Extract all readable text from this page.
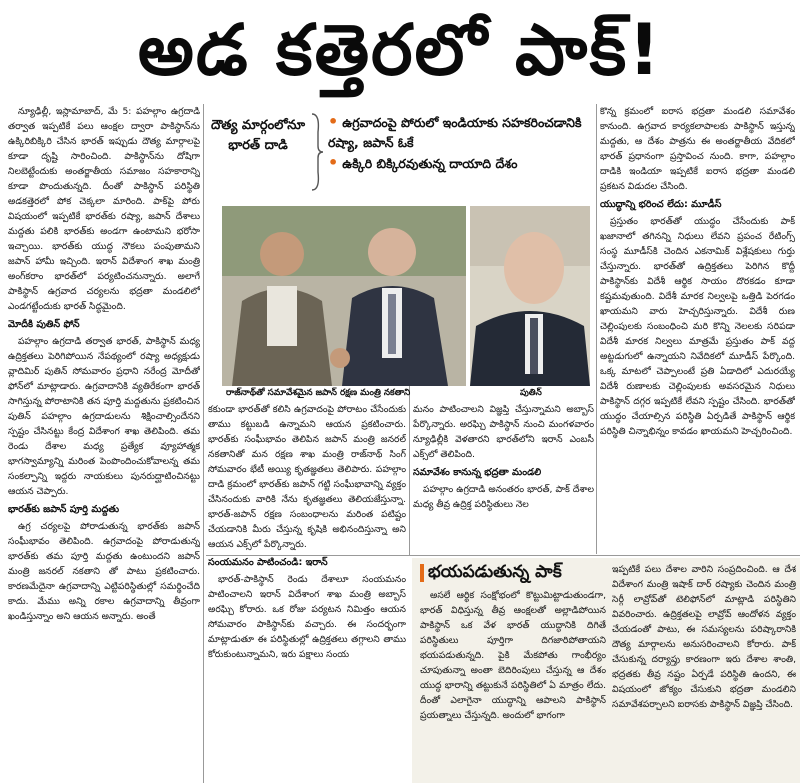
అడ కత్తెరలో పాక్‌!

న్యూఢిల్లీ, ఇస్లామాబాద్, మే 5: పహల్గాం ఉగ్రదాడి తర్వాత ఇప్పటికే పలు ఆంక్షల ద్వారా పాకిస్థాన్‌ను ఉక్కిరిబిక్కిరి చేసిన భారత్ ఇప్పుడు దౌత్య మార్గాలపై కూడా దృష్టి సారించింది. పాకిస్థాన్‌ను దోషిగా నిలబెట్టేందుకు అంతర్జాతీయ సమాజం సహకారాన్ని కూడా పొందుతున్నది. దీంతో పాకిస్థాన్ పరిస్థితి అడకత్తెరలో పోక చెక్కలా మారింది. పాక్‌పై పోరు విషయంలో ఇప్పటికే భారత్‌కు రష్యా, జపాన్ దేశాలు మద్దతు పలికి భారత్‌కు అండగా ఉంటామని భరోసా ఇచ్చాయి. భారత్‌కు యుద్ధ నౌకలు పంపుతామని జపాన్ హామీ ఇచ్చింది. ఇరాన్ విదేశాంగ శాఖ మంత్రి అంగ్‌కరాం భారత్‌లో పర్యటించనున్నారు. అలాగే పాకిస్థాన్ ఉగ్రవాద చర్యలను భద్రతా మండలిలో ఎండగట్టేందుకు భారత్ సిద్ధమైంది.

మోదీకి పుతిన్ ఫోన్

పహల్గాం ఉగ్రదాడి తర్వాత భారత్, పాకిస్థాన్ మధ్య ఉద్రిక్తతలు పెరిగిపోయిన నేపథ్యంలో రష్యా అధ్యక్షుడు వ్లాదిమిర్ పుతిన్ సోమవారం ప్రధాని నరేంద్ర మోదీతో ఫోన్‌లో మాట్లాడారు. ఉగ్రవాదానికి వ్యతిరేకంగా భారత్ సాగిస్తున్న పోరాటానికి తన పూర్తి మద్దతును ప్రకటించిన పుతిన్ పహల్గాం ఉగ్రదాడులను శిక్షించాల్సిందేనని స్పష్టం చేసినట్టు కేంద్ర విదేశాంగ శాఖ తెలిపింది. తమ రెండు దేశాల మధ్య ప్రత్యేక వ్యూహాత్మక భాగస్వామ్యాన్ని మరింత పెంపొందించుకోవాలన్న తమ సంకల్పాన్ని ఇద్దరు నాయకులు పునరుద్ఘాటించినట్టు ఆయన చెప్పారు.

భారత్‌కు జపాన్ పూర్తి మద్దతు

ఉగ్ర చర్యలపై పోరాడుతున్న భారత్‌కు జపాన్ సంఘీభావం తెలిపింది. ఉగ్రవాదంపై పోరాడుతున్న భారత్‌కు తమ పూర్తి మద్దతు ఉంటుందని జపాన్ మంత్రి జనరల్ నకతాని తో పాటు ప్రకటించారు. కారణమేదైనా ఉగ్రవాదాన్ని ఎట్టిపరిస్థితుల్లో సమర్థించేది కాదు. మేము అన్ని రకాల ఉగ్రవాదాన్ని తీవ్రంగా ఖండిస్తున్నాం అని ఆయన అన్నారు. అంతే

దౌత్య మార్గంలోనూ భారత్ దాడి
• ఉగ్రవాదంపై పోరులో ఇండియాకు సహకరించడానికి రష్యా, జపాన్ ఓకే
• ఉక్కిరి బిక్కిరవుతున్న దాయాది దేశం
రాజ్‌నాథ్‌తో సమావేశమైన జపాన్ రక్షణ మంత్రి నకతాని	పుతిన్

కకుండా భారత్‌తో కలిసి ఉగ్రవాదంపై పోరాటం చేసేందుకు తాము కట్టుబడి ఉన్నామని ఆయన ప్రకటించారు. భారత్‌కు సంఘీభావం తెలిపిన జపాన్ మంత్రి జనరల్ నకతానితో మన రక్షణ శాఖ మంత్రి రాజ్‌నాథ్ సింగ్ సోమవారం భేటీ అయ్యి కృతజ్ఞతలు తెలిపారు. పహల్గాం దాడి క్రమంలో భారత్‌కు జపాన్ గట్టి సంఘీభావాన్ని వ్యక్తం చేసినందుకు వారికి నేను కృతజ్ఞతలు తెలియజేస్తున్నా. భారత్-జపాన్ రక్షణ సంబంధాలను మరింత పటిష్టం చేయడానికి మీరు చేస్తున్న కృషికి అభినందిస్తున్నా అని ఆయన ఎక్స్‌లో పేర్కొన్నారు.

సంయమనం పాటించండి: ఇరాన్

భారత్-పాకిస్థాన్ రెండు దేశాలూ సంయమనం పాటించాలని ఇరాన్ విదేశాంగ శాఖ మంత్రి అబ్బాస్ అరఘ్చి కోరారు. ఒక రోజు పర్యటన నిమిత్తం ఆయన సోమవారం పాకిస్థాన్‌కు వచ్చారు. ఈ సందర్భంగా మాట్లాడుతూ ఈ పరిస్థితుల్లో ఉద్రిక్తతలు తగ్గాలని తాము కోరుకుంటున్నామని, ఇరు పక్షాలు సంయ

మనం పాటించాలని విజ్ఞప్తి చేస్తున్నామని అబ్బాస్ పేర్కొన్నారు. అరఘ్చి పాకిస్థాన్ నుంచి మంగళవారం న్యూఢిల్లీకి వెళతారని భారత్‌లోని ఇరాన్ ఎంబసీ ఎక్స్‌లో తెలిపింది.

సమావేశం కానున్న భద్రతా మండలి

పహల్గాం ఉగ్రదాడి అనంతరం భారత్, పాక్ దేశాల మధ్య తీవ్ర ఉద్రిక్త పరిస్థితులు నెల

కొన్న క్రమంలో ఐరాస భద్రతా మండలి సమావేశం కానుంది. ఉగ్రవాద కార్యకలాపాలకు పాకిస్థాన్ ఇస్తున్న మద్దతు, ఆ దేశం పాత్రను ఈ అంతర్జాతీయ వేదికలో భారత్ ప్రధానంగా ప్రస్తావించ నుంది. కాగా, పహల్గాం దాడికి ఇండియా ఇప్పటికే ఐరాస భద్రతా మండలి ప్రకటన విడుదల చేసింది.

యుద్ధాన్ని భరించ లేదు: మూడీస్

ప్రస్తుతం భారత్‌తో యుద్ధం చేసేందుకు పాక్ ఖజానాలో తగినన్ని నిధులు లేవని ప్రపంచ రేటింగ్స్ సంస్థ మూడీస్‌కి చెందిన ఎకనామిక్ విశ్లేషకులు గుర్తు చేస్తున్నారు. భారత్‌తో ఉద్రిక్తతలు పెరిగిన కొద్దీ పాకిస్థాన్‌కు విదేశీ ఆర్థిక సాయం దొరకడం కూడా కష్టమవుతుంది. విదేశీ మారక నిల్వలపై ఒత్తిడి పెరగడం ఖాయమని వారు హెచ్చరిస్తున్నారు. విదేశీ రుణ చెల్లింపులకు సంబంధించి మరి కొన్ని నెలలకు సరిపడా విదేశీ మారక నిల్వలు మాత్రమే ప్రస్తుతం పాక్ వద్ద అట్టడుగులో ఉన్నాయని నివేదికలో మూడీస్ పేర్కొంది. ఒక్క మాటలో చెప్పాలంటే ప్రతి ఏడాదిలో ఎదురయ్యే విదేశీ రుణాలకు చెల్లింపులకు అవసరమైన నిధులు పాకిస్థాన్ దగ్గర ఇప్పటికే లేవని స్పష్టం చేసింది. భారత్‌తో యుద్ధం చేయాల్సిన పరిస్థితి ఏర్పడితే పాకిస్థాన్ ఆర్థిక పరిస్థితి చిన్నాభిన్నం కావడం ఖాయమని హెచ్చరించింది.

భయపడుతున్న పాక్‌

అసలే ఆర్థిక సంక్షోభంలో కొట్టుమిట్టాడుతుండగా, భారత్ విధిస్తున్న తీవ్ర ఆంక్షలతో అల్లాడిపోయిన పాకిస్థాన్ ఒక వేళ భారత్ యుద్ధానికి దిగితే పరిస్థితులు పూర్తిగా దిగజారిపోతాయని భయపడుతున్నది. పైకి మేకపోతు గాంభీర్యం చూపుతున్నా అంతా బెదిరింపులు చేస్తున్న ఆ దేశం యుద్ధ భారాన్ని తట్టుకునే పరిస్థితిలో ఏ మాత్రం లేదు. దీంతో ఎలాగైనా యుద్ధాన్ని ఆపాలని పాకిస్థాన్ ప్రయత్నాలు చేస్తున్నది. అందులో భాగంగా

ఇప్పటికే పలు దేశాల వారిని సంప్రదించింది. ఆ దేశ విదేశాంగ మంత్రి ఇషాక్ దార్ రష్యాకు చెందిన మంత్రి సెర్గీ లావ్రోవ్‌తో టెలిఫోన్‌లో మాట్లాడి పరిస్థితిని వివరించారు. ఉద్రిక్తతలపై లావ్రోవ్ ఆందోళన వ్యక్తం చేయడంతో పాటు, ఈ సమస్యలను పరిష్కారానికి దౌత్య మార్గాలను అనుసరించాలని కోరారు. పాక్ చేసుకున్న దర్యాప్తు కారణంగా ఇరు దేశాల శాంతి, భద్రతకు తీవ్ర నష్టం ఏర్పడే పరిస్థితి ఉందని, ఈ విషయంలో జోక్యం చేసుకుని భద్రతా మండలిని సమావేశపర్చాలని ఐరాసకు పాకిస్థాన్ విజ్ఞప్తి చేసింది.
